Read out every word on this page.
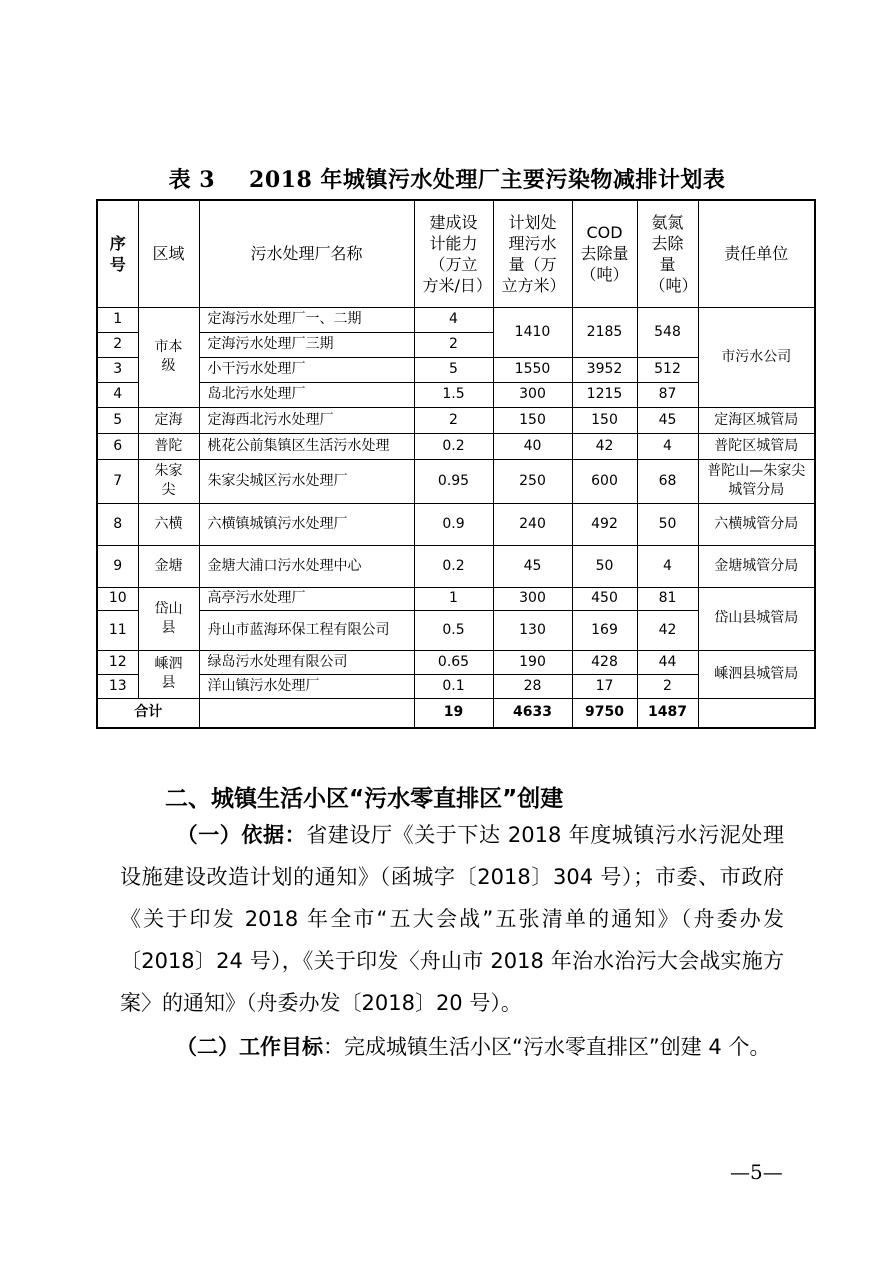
表 3 2018 年城镇污水处理厂主要污染物减排计划表
序号	区域	污水处理厂名称	建成设计能力（万立方米/日）	计划处理污水量（万立方米）	COD 去除量（吨）	氨氮去除量（吨）	责任单位
1	市本级	定海污水处理厂一、二期	4	1410	2185	548	市污水公司
2		定海污水处理厂三期	2				
3		小干污水处理厂	5	1550	3952	512	
4		岛北污水处理厂	1.5	300	1215	87	
5	定海	定海西北污水处理厂	2	150	150	45	定海区城管局
6	普陀	桃花公前集镇区生活污水处理	0.2	40	42	4	普陀区城管局
7	朱家尖	朱家尖城区污水处理厂	0.95	250	600	68	普陀山—朱家尖城管分局

8	六横	六横镇城镇污水处理厂	0.9	240	492	50	六横城管分局
9	金塘	金塘大浦口污水处理中心	0.2	45	50	4	金塘城管分局
10	岱山县	高亭污水处理厂	1	300	450	81	岱山县城管局
11		舟山市蓝海环保工程有限公司	0.5	130	169	42	
12	嵊泗县	绿岛污水处理有限公司	0.65	190	428	44	嵊泗县城管局
13		洋山镇污水处理厂	0.1	28	17	2	
合计			19	4633	9750	1487	
二、城镇生活小区“污水零直排区”创建
（一）依据：省建设厅《关于下达 2018 年度城镇污水污泥处理设施建设改造计划的通知》（函城字〔2018〕304 号）；市委、市政府《关于印发 2018 年全市“五大会战”五张清单的通知》（舟委办发〔2018〕24 号），《关于印发〈舟山市 2018 年治水治污大会战实施方案〉的通知》（舟委办发〔2018〕20 号）。
（二）工作目标：完成城镇生活小区“污水零直排区”创建 4 个。
—5—
